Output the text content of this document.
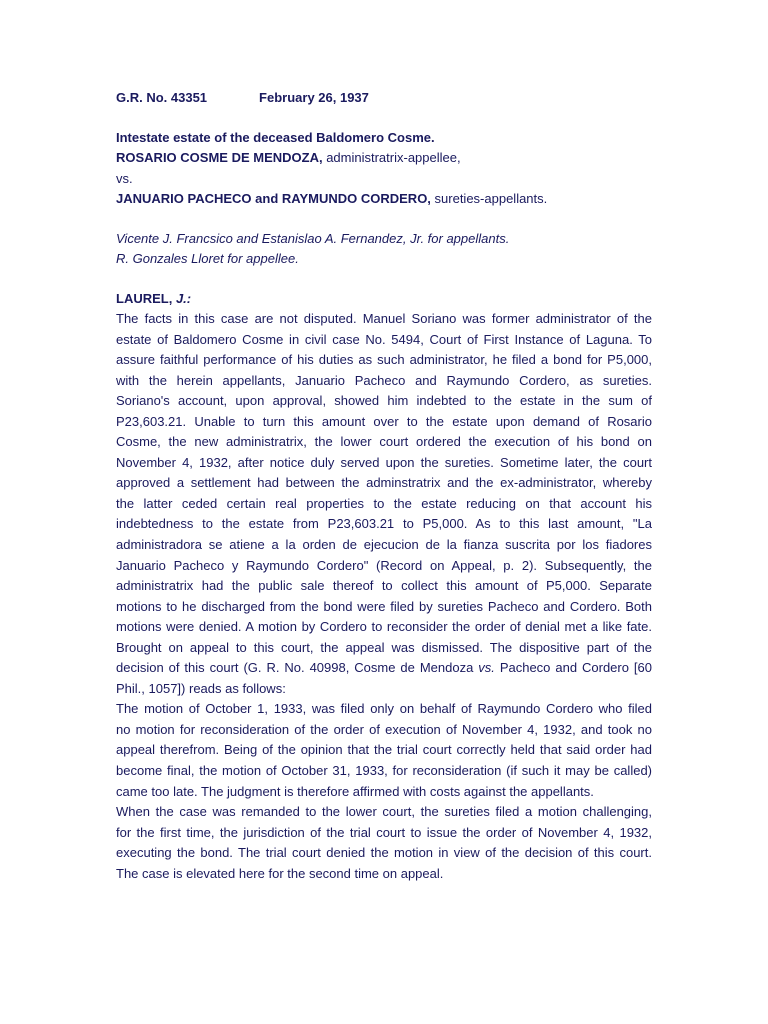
G.R. No. 43351	February 26, 1937
Intestate estate of the deceased Baldomero Cosme.
ROSARIO COSME DE MENDOZA, administratrix-appellee,
vs.
JANUARIO PACHECO and RAYMUNDO CORDERO, sureties-appellants.
Vicente J. Francsico and Estanislao A. Fernandez, Jr. for appellants.
R. Gonzales Lloret for appellee.
LAUREL, J.:
The facts in this case are not disputed. Manuel Soriano was former administrator of the
estate of Baldomero Cosme in civil case No. 5494, Court of First Instance of Laguna. To
assure faithful performance of his duties as such administrator, he filed a bond for P5,000,
with the herein appellants, Januario Pacheco and Raymundo Cordero, as sureties.
Soriano's account, upon approval, showed him indebted to the estate in the sum of
P23,603.21. Unable to turn this amount over to the estate upon demand of Rosario
Cosme, the new administratrix, the lower court ordered the execution of his bond on
November 4, 1932, after notice duly served upon the sureties. Sometime later, the court
approved a settlement had between the adminstratrix and the ex-administrator, whereby
the latter ceded certain real properties to the estate reducing on that account his
indebtedness to the estate from P23,603.21 to P5,000. As to this last amount, "La
administradora se atiene a la orden de ejecucion de la fianza suscrita por los fiadores
Januario Pacheco y Raymundo Cordero" (Record on Appeal, p. 2). Subsequently, the
administratrix had the public sale thereof to collect this amount of P5,000. Separate
motions to he discharged from the bond were filed by sureties Pacheco and Cordero. Both
motions were denied. A motion by Cordero to reconsider the order of denial met a like fate.
Brought on appeal to this court, the appeal was dismissed. The dispositive part of the
decision of this court (G. R. No. 40998, Cosme de Mendoza vs. Pacheco and Cordero [60
Phil., 1057]) reads as follows:
The motion of October 1, 1933, was filed only on behalf of Raymundo Cordero who filed
no motion for reconsideration of the order of execution of November 4, 1932, and took no
appeal therefrom. Being of the opinion that the trial court correctly held that said order had
become final, the motion of October 31, 1933, for reconsideration (if such it may be called)
came too late. The judgment is therefore affirmed with costs against the appellants.
When the case was remanded to the lower court, the sureties filed a motion challenging,
for the first time, the jurisdiction of the trial court to issue the order of November 4, 1932,
executing the bond. The trial court denied the motion in view of the decision of this court.
The case is elevated here for the second time on appeal.
